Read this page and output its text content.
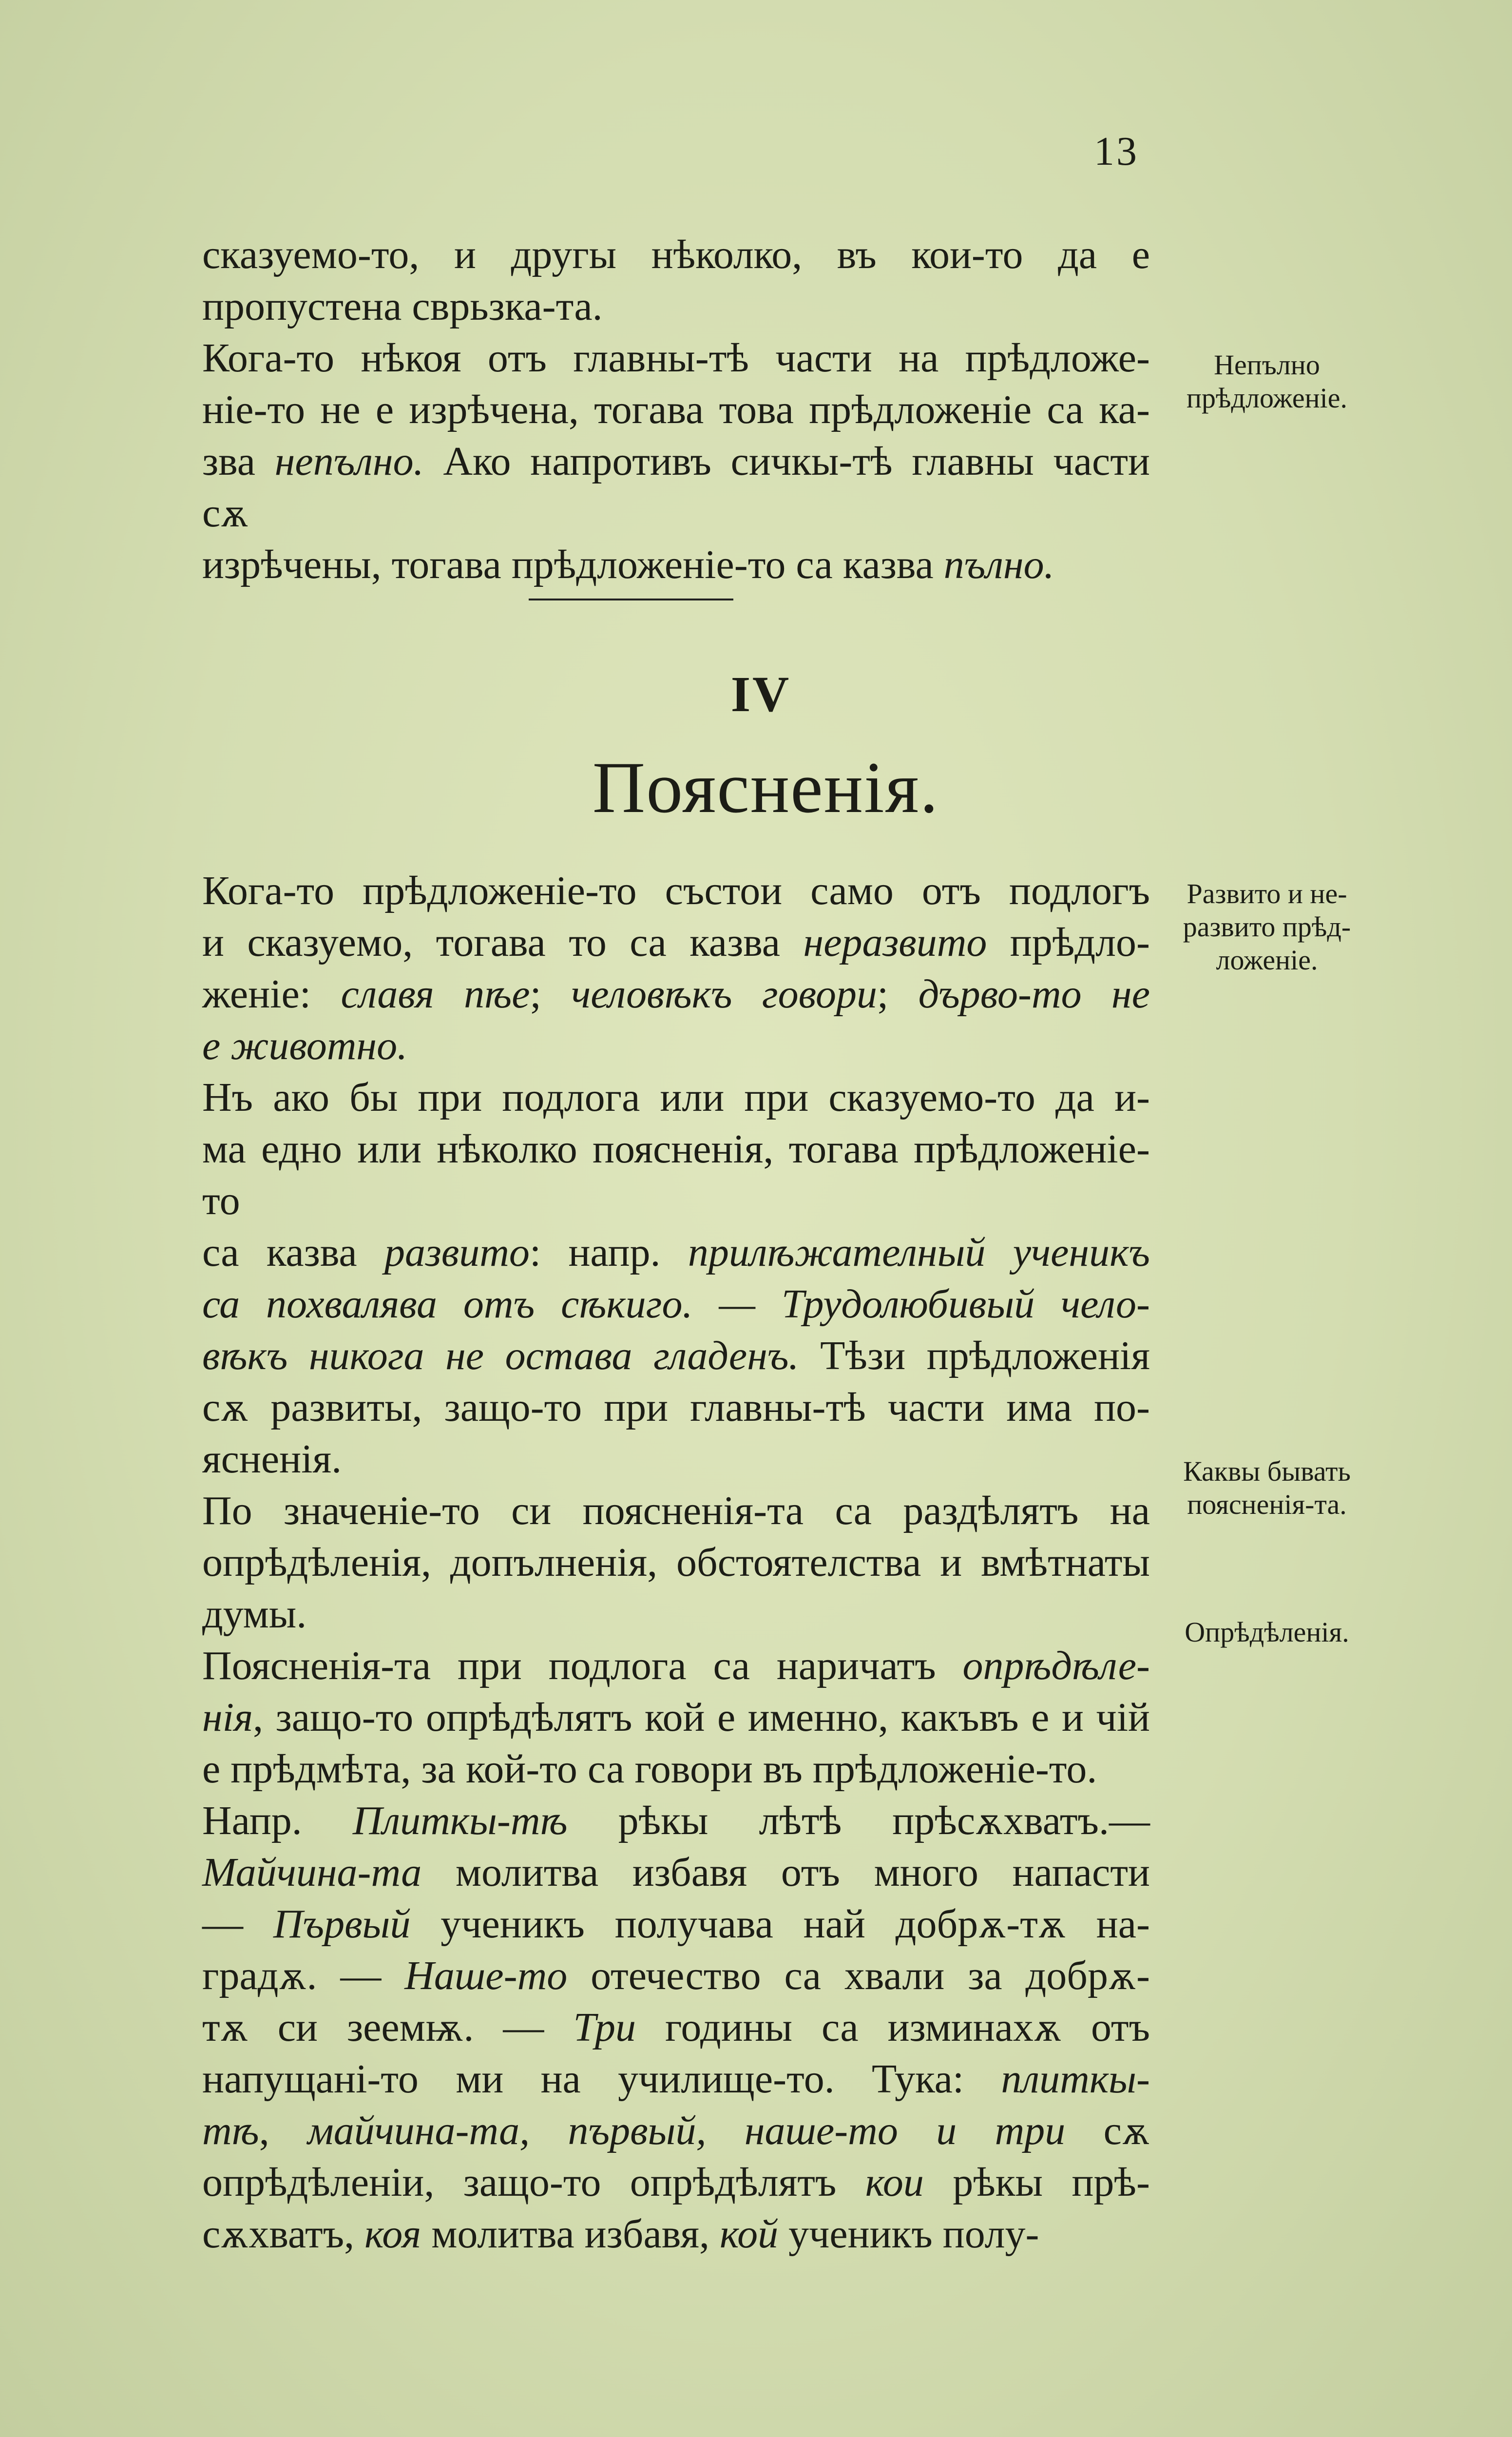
13
сказуемо-то, и другы нѣколко, въ кои-то да е
пропустена сврьзка-та.
Кога-то нѣкоя отъ главны-тѣ части на прѣдложе-
ніе-то не е изрѣчена, тогава това прѣдложеніе са ка-
зва непълно. Ако напротивъ сичкы-тѣ главны части сѫ
изрѣчены, тогава прѣдложеніе-то са казва пълно.
IV
Поясненія.
Кога-то прѣдложеніе-то състои само отъ подлогъ
и сказуемо, тогава то са казва неразвито прѣдло-
женіе: славя пѣе; человѣкъ говори; дърво-то не
е животно.
Нъ ако бы при подлога или при сказуемо-то да и-
ма едно или нѣколко поясненія, тогава прѣдложеніе-то
са казва развито: напр. прилѣжателный ученикъ
са похвалява отъ сѣкиго. — Трудолюбивый чело-
вѣкъ никога не остава гладенъ. Тѣзи прѣдложенія
сѫ развиты, защо-то при главны-тѣ части има по-
ясненія.
По значеніе-то си поясненія-та са раздѣлятъ на
опрѣдѣленія, допълненія, обстоятелства и вмѣтнаты
думы.
Поясненія-та при подлога са наричатъ опрѣдѣле-
нія, защо-то опрѣдѣлятъ кой е именно, какъвъ е и чій
е прѣдмѣта, за кой-то са говори въ прѣдложеніе-то.
Напр. Плиткы-тѣ рѣкы лѣтѣ прѣсѫхватъ.—
Майчина-та молитва избавя отъ много напасти
— Първый ученикъ получава най добрѫ-тѫ на-
градѫ. — Наше-то отечество са хвали за добрѫ-
тѫ си зеемѭ. — Три годины са изминахѫ отъ
напущані-то ми на училище-то. Тука: плиткы-
тѣ, майчина-та, първый, наше-то и три сѫ
опрѣдѣленіи, защо-то опрѣдѣлятъ кои рѣкы прѣ-
сѫхватъ, коя молитва избавя, кой ученикъ полу-
Непълно
прѣдложеніе.
Развито и не-
развито прѣд-
ложеніе.
Каквы бывать
поясненія-та.
Опрѣдѣленія.
